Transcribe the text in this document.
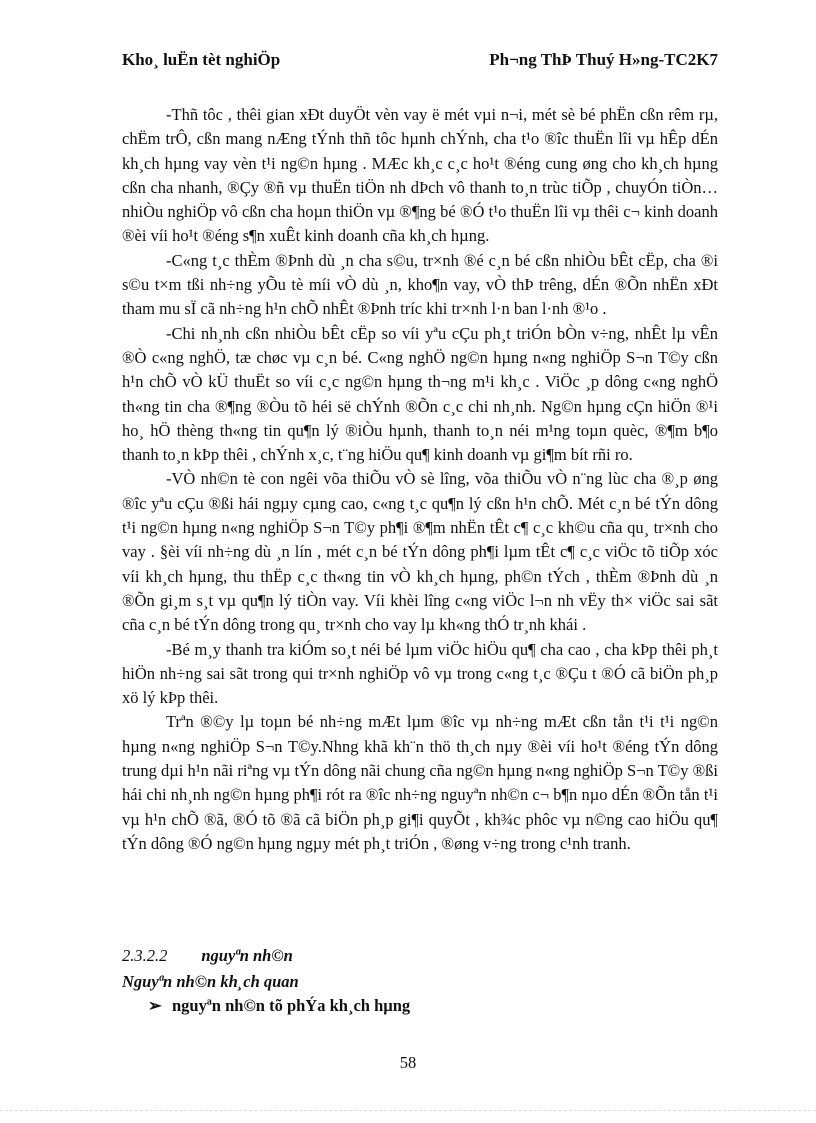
Kho¸ luËn tèt nghiÖp	Ph¬ng ThÞ Thuý H»ng-TC2K7

-Thñ tôc , thêi gian xÐt duyÖt vèn vay ë mét vµi n¬i, mét sè bé phËn cßn rêm rµ, chËm trÔ, cßn mang nÆng tÝnh thñ tôc hµnh chÝnh, cha t¹o ®îc thuËn lîi vµ hÊp dÉn kh¸ch hµng vay vèn t¹i ng©n hµng . MÆc kh¸c c¸c ho¹t ®éng cung øng cho kh¸ch hµng cßn cha nhanh, ®Çy ®ñ vµ thuËn tiÖn nh dÞch vô thanh to¸n trùc tiÕp , chuyÓn tiÒn… nhiÒu nghiÖp vô cßn cha hoµn thiÖn vµ ®¶ng bé ®Ó t¹o thuËn lîi vµ thêi c¬ kinh doanh ®èi víi ho¹t ®éng s¶n xuÊt kinh doanh cña kh¸ch hµng.

-C«ng t¸c thÈm ®Þnh dù ¸n cha s©u, tr×nh ®é c¸n bé cßn nhiÒu bÊt cËp, cha ®i s©u t×m tßi nh÷ng yÕu tè míi vÒ dù ¸n, kho¶n vay, vÒ thÞ trêng, dÉn ®Õn nhËn xÐt tham mu sÏ cã nh÷ng h¹n chÕ nhÊt ®Þnh tríc khi tr×nh l·n ban l·nh ®¹o .

-Chi nh¸nh cßn nhiÒu bÊt cËp so víi yªu cÇu ph¸t triÓn bÒn v÷ng, nhÊt lµ vÊn ®Ò c«ng nghÖ, tæ chøc vµ c¸n bé. C«ng nghÖ ng©n hµng n«ng nghiÖp S¬n T©y cßn h¹n chÕ vÒ kÜ thuËt so víi c¸c ng©n hµng th¬ng m¹i kh¸c . ViÖc ¸p dông c«ng nghÖ th«ng tin cha ®¶ng ®Òu tõ héi së chÝnh ®Õn c¸c chi nh¸nh. Ng©n hµng cÇn hiÖn ®¹i ho¸ hÖ thèng th«ng tin qu¶n lý ®iÒu hµnh, thanh to¸n néi m¹ng toµn quèc, ®¶m b¶o thanh to¸n kÞp thêi , chÝnh x¸c, t¨ng hiÖu qu¶ kinh doanh vµ gi¶m bít rñi ro.

-VÒ nh©n tè con ngêi võa thiÕu vÒ sè lîng, võa thiÕu vÒ n¨ng lùc cha ®¸p øng ®îc yªu cÇu ®ßi hái ngµy cµng cao, c«ng t¸c qu¶n lý cßn h¹n chÕ. Mét c¸n bé tÝn dông t¹i ng©n hµng n«ng nghiÖp S¬n T©y ph¶i ®¶m nhËn tÊt c¶ c¸c kh©u cña qu¸ tr×nh cho vay . §èi víi nh÷ng dù ¸n lín , mét c¸n bé tÝn dông ph¶i lµm tÊt c¶ c¸c viÖc tõ tiÕp xóc víi kh¸ch hµng, thu thËp c¸c th«ng tin vÒ kh¸ch hµng, ph©n tÝch , thÈm ®Þnh dù ¸n ®Õn gi¸m s¸t vµ qu¶n lý tiÒn vay. Víi khèi lîng c«ng viÖc l¬n nh vËy th× viÖc sai sãt cña c¸n bé tÝn dông trong qu¸ tr×nh cho vay lµ kh«ng thÓ tr¸nh khái .

-Bé m¸y thanh tra kiÓm so¸t néi bé lµm viÖc hiÖu qu¶ cha cao , cha kÞp thêi ph¸t hiÖn nh÷ng sai sãt trong qui tr×nh nghiÖp vô vµ trong c«ng t¸c ®Çu t ®Ó cã biÖn ph¸p xö lý kÞp thêi.

Trªn ®©y lµ toµn bé nh÷ng mÆt lµm ®îc vµ nh÷ng mÆt cßn tån t¹i t¹i ng©n hµng n«ng nghiÖp S¬n T©y.Nhng khã kh¨n thö th¸ch nµy ®èi víi ho¹t ®éng tÝn dông trung dµi h¹n nãi riªng vµ tÝn dông nãi chung cña ng©n hµng n«ng nghiÖp S¬n T©y ®ßi hái chi nh¸nh ng©n hµng ph¶i rót ra ®îc nh÷ng nguyªn nh©n c¬ b¶n nµo dÉn ®Õn tån t¹i vµ h¹n chÕ ®ã, ®Ó tõ ®ã cã biÖn ph¸p gi¶i quyÕt , kh¾c phôc vµ n©ng cao hiÖu qu¶ tÝn dông ®Ó ng©n hµng ngµy mét ph¸t triÓn , ®øng v÷ng trong c¹nh tranh.

2.3.2.2 nguyªn nh©n
Nguyªn nh©n kh¸ch quan
➢ nguyªn nh©n tõ phÝa kh¸ch hµng
58
